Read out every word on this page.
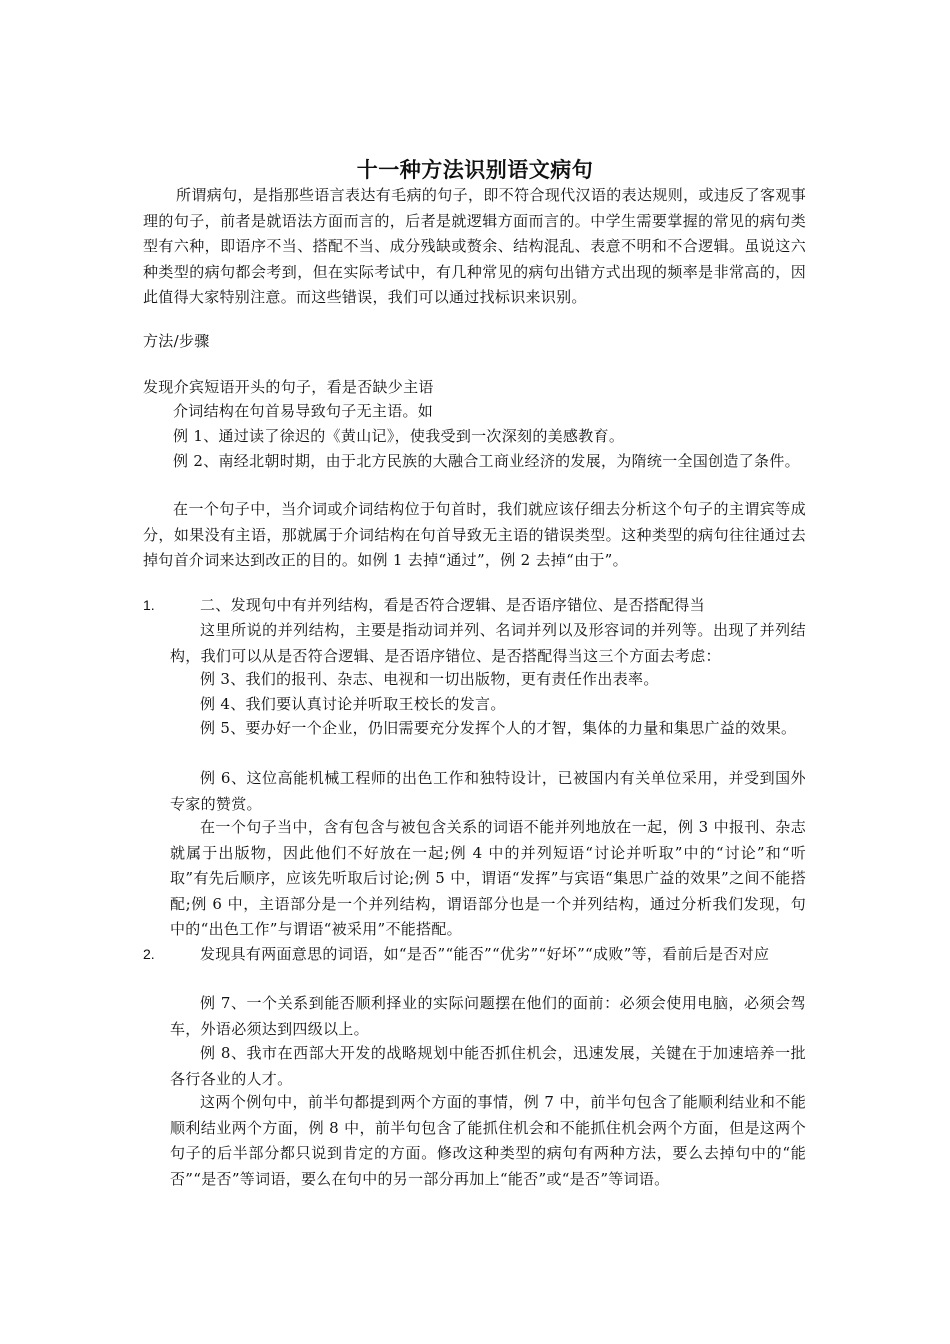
十一种方法识别语文病句

所谓病句，是指那些语言表达有毛病的句子，即不符合现代汉语的表达规则，或违反了客观事理的句子，前者是就语法方面而言的，后者是就逻辑方面而言的。中学生需要掌握的常见的病句类型有六种，即语序不当、搭配不当、成分残缺或赘余、结构混乱、表意不明和不合逻辑。虽说这六种类型的病句都会考到，但在实际考试中，有几种常见的病句出错方式出现的频率是非常高的，因此值得大家特别注意。而这些错误，我们可以通过找标识来识别。

方法/步骤
发现介宾短语开头的句子，看是否缺少主语

介词结构在句首易导致句子无主语。如

例 1、通过读了徐迟的《黄山记》，使我受到一次深刻的美感教育。

例 2、南经北朝时期，由于北方民族的大融合工商业经济的发展，为隋统一全国创造了条件。

在一个句子中，当介词或介词结构位于句首时，我们就应该仔细去分析这个句子的主谓宾等成分，如果没有主语，那就属于介词结构在句首导致无主语的错误类型。这种类型的病句往往通过去掉句首介词来达到改正的目的。如例 1 去掉“通过”，例 2 去掉“由于”。

1.	二、发现句中有并列结构，看是否符合逻辑、是否语序错位、是否搭配得当

这里所说的并列结构，主要是指动词并列、名词并列以及形容词的并列等。出现了并列结构，我们可以从是否符合逻辑、是否语序错位、是否搭配得当这三个方面去考虑：

例 3、我们的报刊、杂志、电视和一切出版物，更有责任作出表率。

例 4、我们要认真讨论并听取王校长的发言。

例 5、要办好一个企业，仍旧需要充分发挥个人的才智，集体的力量和集思广益的效果。

例 6、这位高能机械工程师的出色工作和独特设计，已被国内有关单位采用，并受到国外专家的赞赏。

在一个句子当中，含有包含与被包含关系的词语不能并列地放在一起，例 3 中报刊、杂志就属于出版物，因此他们不好放在一起;例 4 中的并列短语“讨论并听取”中的“讨论”和“听取”有先后顺序，应该先听取后讨论;例 5 中，谓语“发挥”与宾语“集思广益的效果”之间不能搭配;例 6 中，主语部分是一个并列结构，谓语部分也是一个并列结构，通过分析我们发现，句中的“出色工作”与谓语“被采用”不能搭配。

2.	发现具有两面意思的词语，如“是否”“能否”“优劣”“好坏”“成败”等，看前后是否对应

例 7、一个关系到能否顺利择业的实际问题摆在他们的面前：必须会使用电脑，必须会驾车，外语必须达到四级以上。

例 8、我市在西部大开发的战略规划中能否抓住机会，迅速发展，关键在于加速培养一批各行各业的人才。

这两个例句中，前半句都提到两个方面的事情，例 7 中，前半句包含了能顺利结业和不能顺利结业两个方面，例 8 中，前半句包含了能抓住机会和不能抓住机会两个方面，但是这两个句子的后半部分都只说到肯定的方面。修改这种类型的病句有两种方法，要么去掉句中的“能否”“是否”等词语，要么在句中的另一部分再加上“能否”或“是否”等词语。
